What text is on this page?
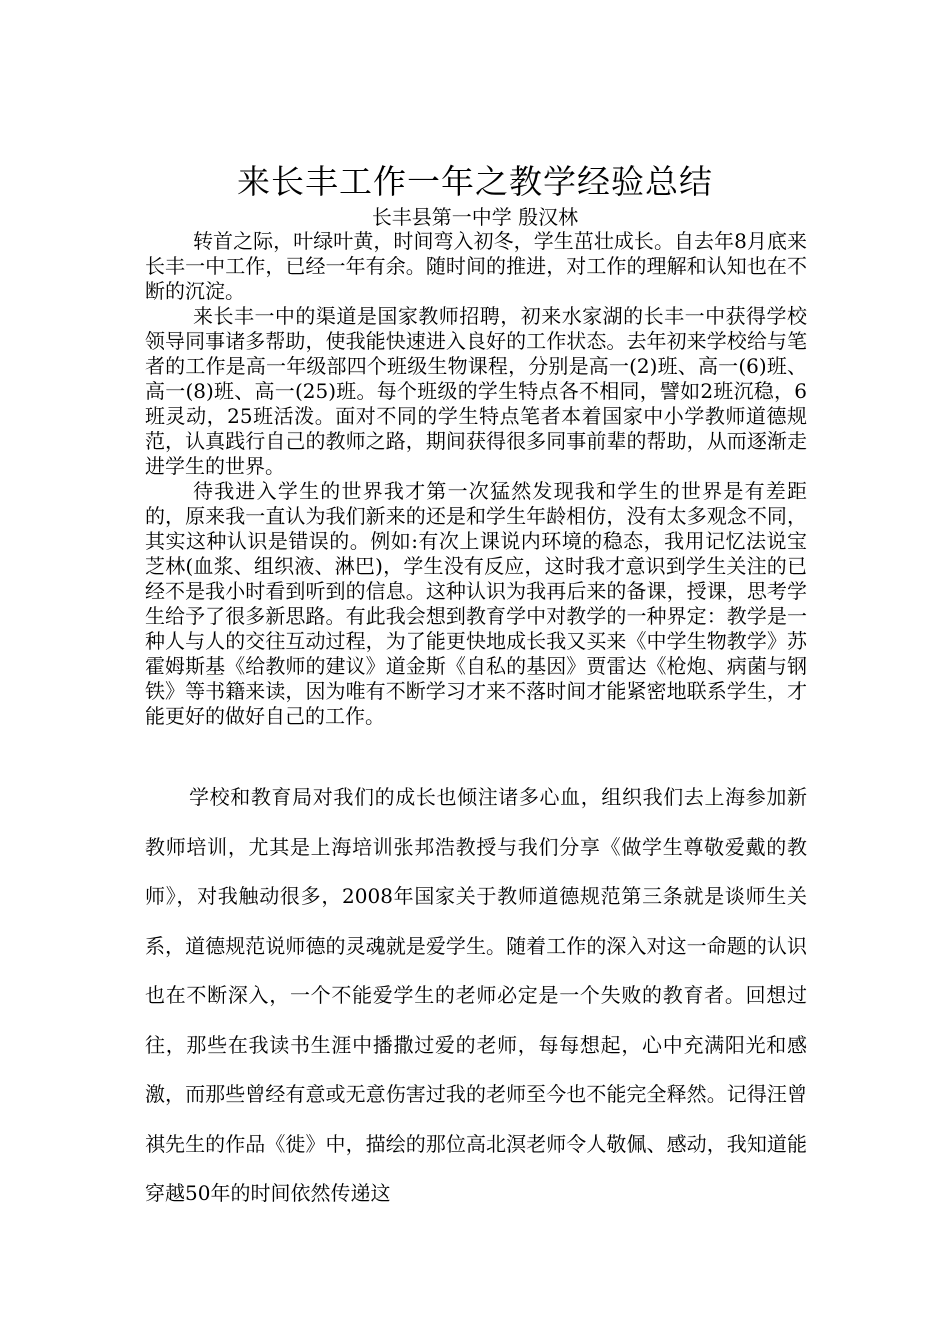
来长丰工作一年之教学经验总结

长丰县第一中学 殷汉林

转首之际，叶绿叶黄，时间弯入初冬，学生茁壮成长。自去年8月底来长丰一中工作，已经一年有余。随时间的推进，对工作的理解和认知也在不断的沉淀。

来长丰一中的渠道是国家教师招聘，初来水家湖的长丰一中获得学校领导同事诸多帮助，使我能快速进入良好的工作状态。去年初来学校给与笔者的工作是高一年级部四个班级生物课程，分别是高一(2)班、高一(6)班、高一(8)班、高一(25)班。每个班级的学生特点各不相同，譬如2班沉稳，6班灵动，25班活泼。面对不同的学生特点笔者本着国家中小学教师道德规范，认真践行自己的教师之路，期间获得很多同事前辈的帮助，从而逐渐走进学生的世界。

待我进入学生的世界我才第一次猛然发现我和学生的世界是有差距的，原来我一直认为我们新来的还是和学生年龄相仿，没有太多观念不同，其实这种认识是错误的。例如:有次上课说内环境的稳态，我用记忆法说宝芝林(血浆、组织液、淋巴)，学生没有反应，这时我才意识到学生关注的已经不是我小时看到听到的信息。这种认识为我再后来的备课，授课，思考学生给予了很多新思路。有此我会想到教育学中对教学的一种界定：教学是一种人与人的交往互动过程，为了能更快地成长我又买来《中学生物教学》苏霍姆斯基《给教师的建议》道金斯《自私的基因》贾雷达《枪炮、病菌与钢铁》等书籍来读，因为唯有不断学习才来不落时间才能紧密地联系学生，才能更好的做好自己的工作。

学校和教育局对我们的成长也倾注诸多心血，组织我们去上海参加新教师培训，尤其是上海培训张邦浩教授与我们分享《做学生尊敬爱戴的教师》，对我触动很多，2008年国家关于教师道德规范第三条就是谈师生关系，道德规范说师德的灵魂就是爱学生。随着工作的深入对这一命题的认识也在不断深入，一个不能爱学生的老师必定是一个失败的教育者。回想过往，那些在我读书生涯中播撒过爱的老师，每每想起，心中充满阳光和感激，而那些曾经有意或无意伤害过我的老师至今也不能完全释然。记得汪曾祺先生的作品《徙》中，描绘的那位高北溟老师令人敬佩、感动，我知道能穿越50年的时间依然传递这
